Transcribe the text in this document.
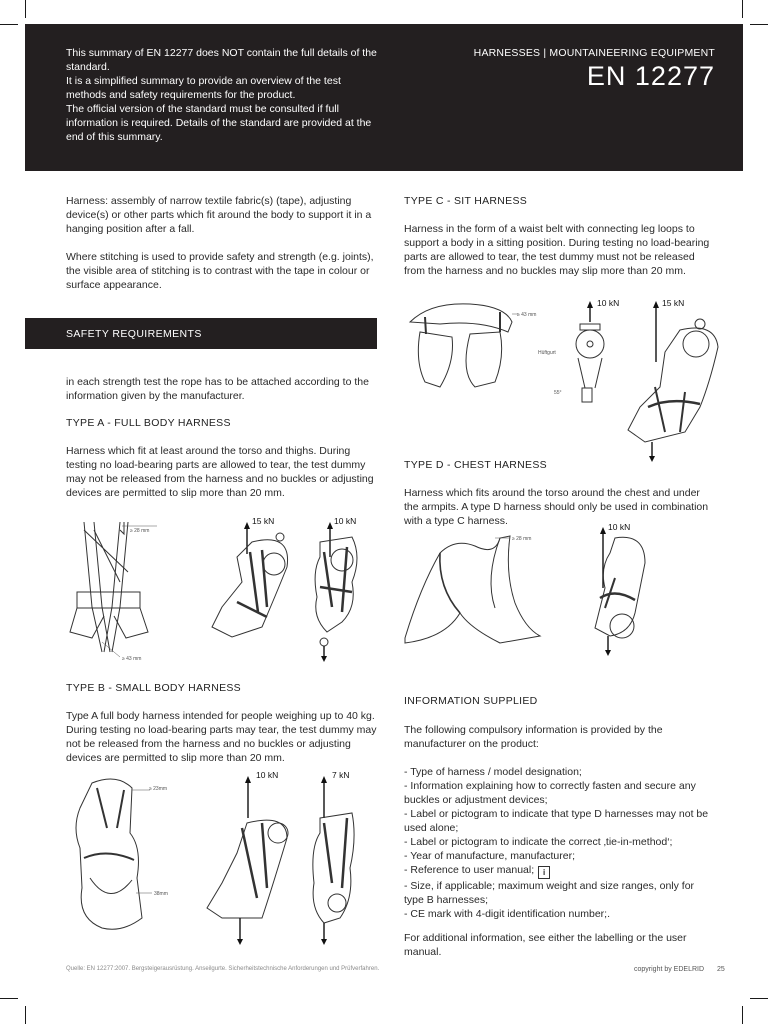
This summary of EN 12277 does NOT contain the full details of the standard.

It is a simplified summary to provide an overview of the test methods and safety requirements for the product.

The official version of the standard must be consulted if full information is required. Details of the standard are provided at the end of this summary.

HARNESSES | MOUNTAINEERING EQUIPMENT
EN 12277
Harness: assembly of narrow textile fabric(s) (tape), adjusting device(s) or other parts which fit around the body to support it in a hanging position after a fall.
Where stitching is used to provide safety and strength (e.g. joints), the visible area of stitching is to contrast with the tape in colour or surface appearance.
SAFETY REQUIREMENTS
in each strength test the rope has to be attached according to the information given by the manufacturer.
TYPE A - FULL BODY HARNESS
Harness which fit at least around the torso and thighs. During testing no load-bearing parts are allowed to tear, the test dummy may not be released from the harness and no buckles or adjusting devices are permitted to slip more than 20 mm.
≥ 28 mm
≥ 43 mm
15 kN	10 kN
TYPE B - SMALL BODY HARNESS
Type A full body harness intended for people weighing up to 40 kg. During testing no load-bearing parts may tear, the test dummy may not be released from the harness and no buckles or adjusting devices are permitted to slip more than 20 mm.
≥ 23mm
38mm
10 kN	7 kN
TYPE C - SIT HARNESS
Harness in the form of a waist belt with connecting leg loops to support a body in a sitting position. During testing no load-bearing parts are allowed to tear, the test dummy must not be released from the harness and no buckles may slip more than 20 mm.
≥ 43 mm
10 kN
Hüftgurt
55°
15 kN
TYPE D - CHEST HARNESS
Harness which fits around the torso around the chest and under the armpits. A type D harness should only be used in combination with a type C harness.
≥ 28 mm
10 kN
INFORMATION SUPPLIED
The following compulsory information is provided by the manufacturer on the product:

- Type of harness / model designation;

- Information explaining how to correctly fasten and secure any buckles or adjustment devices;

- Label or pictogram to indicate that type D harnesses may not be used alone;

- Label or pictogram to indicate the correct ‚tie-in-method‘;

- Year of manufacture, manufacturer;

- Reference to user manual; i

- Size, if applicable; maximum weight and size ranges, only for type B harnesses;

- CE mark with 4-digit identification number;.

For additional information, see either the labelling or the user manual.
Quelle: EN 12277:2007. Bergsteigerausrüstung. Anseilgurte. Sicherheitstechnische Anforderungen und Prüfverfahren.	copyright by EDELRID 25
